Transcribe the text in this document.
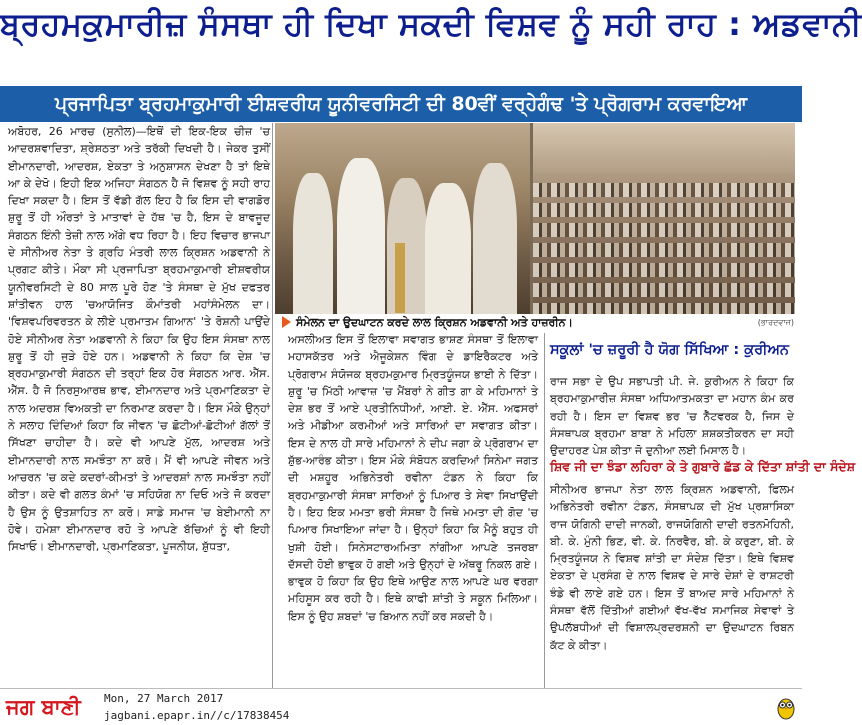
ਬ੍ਰਹਮਕੁਮਾਰੀਜ਼ ਸੰਸਥਾ ਹੀ ਦਿਖਾ ਸਕਦੀ ਵਿਸ਼ਵ ਨੂੰ ਸਹੀ ਰਾਹ : ਅਡਵਾਨੀ
ਪ੍ਰਜਾਪਿਤਾ ਬ੍ਰਹਮਾਕੁਮਾਰੀ ਈਸ਼ਵਰੀਯ ਯੂਨੀਵਰਸਿਟੀ ਦੀ 80ਵੀਂ ਵਰ੍ਹੇਗੰਢ 'ਤੇ ਪ੍ਰੋਗਰਾਮ ਕਰਵਾਇਆ
ਅਬੋਹਰ, 26 ਮਾਰਚ (ਸੁਨੀਲ)—ਇਥੋਂ ਦੀ ਇਕ-ਇਕ ਚੀਜ਼ 'ਚ ਆਦਰਸ਼ਵਾਦਿਤਾ, ਸ਼੍ਰੇਸ਼ਠਤਾ ਅਤੇ ਤਰੱਕੀ ਦਿਖਦੀ ਹੈ। ਜੇਕਰ ਤੁਸੀਂ ਈਮਾਨਦਾਰੀ, ਆਦਰਸ਼, ਏਕਤਾ ਤੇ ਅਨੁਸ਼ਾਸਨ ਦੇਖਣਾ ਹੈ ਤਾਂ ਇਥੇ ਆ ਕੇ ਦੇਖੋ। ਇਹੀ ਇਕ ਅਜਿਹਾ ਸੰਗਠਨ ਹੈ ਜੋ ਵਿਸ਼ਵ ਨੂੰ ਸਹੀ ਰਾਹ ਦਿਖਾ ਸਕਦਾ ਹੈ। ਇਸ ਤੋਂ ਵੱਡੀ ਗੱਲ ਇਹ ਹੈ ਕਿ ਇਸ ਦੀ ਵਾਗਡੋਰ ਸ਼ੁਰੂ ਤੋਂ ਹੀ ਔਰਤਾਂ ਤੇ ਮਾਤਾਵਾਂ ਦੇ ਹੱਥ 'ਚ ਹੈ, ਇਸ ਦੇ ਬਾਵਜੂਦ ਸੰਗਠਨ ਇੰਨੀ ਤੇਜ਼ੀ ਨਾਲ ਅੱਗੇ ਵਧ ਰਿਹਾ ਹੈ। ਇਹ ਵਿਚਾਰ ਭਾਜਪਾ ਦੇ ਸੀਨੀਅਰ ਨੇਤਾ ਤੇ ਗ੍ਰਹਿ ਮੰਤਰੀ ਲਾਲ ਕ੍ਰਿਸ਼ਨ ਅਡਵਾਨੀ ਨੇ ਪ੍ਰਗਟ ਕੀਤੇ। ਮੌਕਾ ਸੀ ਪ੍ਰਜਾਪਿਤਾ ਬ੍ਰਹਮਾਕੁਮਾਰੀ ਈਸ਼ਵਰੀਯ ਯੂਨੀਵਰਸਿਟੀ ਦੇ 80 ਸਾਲ ਪੂਰੇ ਹੋਣ 'ਤੇ ਸੰਸਥਾ ਦੇ ਮੁੱਖ ਦਫਤਰ ਸ਼ਾਂਤੀਵਨ ਹਾਲ 'ਚਆਯੋਜਿਤ ਕੌਮਾਂਤਰੀ ਮਹਾਂਸੰਮੇਲਨ ਦਾ। 'ਵਿਸ਼ਵਪਰਿਵਰਤਨ ਕੇ ਲੀਏ ਪ੍ਰਮਾਤਮ ਗਿਆਨ' 'ਤੇ ਰੋਸ਼ਨੀ ਪਾਉਂਦੇ ਹੋਏ ਸੀਨੀਅਰ ਨੇਤਾ ਅਡਵਾਨੀ ਨੇ ਕਿਹਾ ਕਿ ਉਹ ਇਸ ਸੰਸਥਾ ਨਾਲ ਸ਼ੁਰੂ ਤੋਂ ਹੀ ਜੁੜੇ ਹੋਏ ਹਨ। ਅਡਵਾਨੀ ਨੇ ਕਿਹਾ ਕਿ ਦੇਸ਼ 'ਚ ਬ੍ਰਹਮਾਕੁਮਾਰੀ ਸੰਗਠਨ ਦੀ ਤਰ੍ਹਾਂ ਇਕ ਹੋਰ ਸੰਗਠਨ ਆਰ. ਐੱਸ. ਐੱਸ. ਹੈ ਜੋ ਨਿਰਸੁਆਰਥ ਭਾਵ, ਈਮਾਨਦਾਰ ਅਤੇ ਪ੍ਰਮਾਣਿਕਤਾ ਦੇ ਨਾਲ ਅਦਰਸ਼ ਵਿਅਕਤੀ ਦਾ ਨਿਰਮਾਣ ਕਰਦਾ ਹੈ। ਇਸ ਮੌਕੇ ਉਨ੍ਹਾਂ ਨੇ ਸਲਾਹ ਦਿੰਦਿਆਂ ਕਿਹਾ ਕਿ ਜੀਵਨ 'ਚ ਛੋਟੀਆਂ-ਛੋਟੀਆਂ ਗੱਲਾਂ ਤੋਂ ਸਿੱਖਣਾ ਚਾਹੀਦਾ ਹੈ। ਕਦੇ ਵੀ ਆਪਣੇ ਮੁੱਲ, ਆਦਰਸ਼ ਅਤੇ ਈਮਾਨਦਾਰੀ ਨਾਲ ਸਮਝੌਤਾ ਨਾ ਕਰੋ। ਮੈਂ ਵੀ ਆਪਣੇ ਜੀਵਨ ਅਤੇ ਆਚਰਨ 'ਚ ਕਦੇ ਕਦਰਾਂ-ਕੀਮਤਾਂ ਤੇ ਆਦਰਸ਼ਾਂ ਨਾਲ ਸਮਝੌਤਾ ਨਹੀਂ ਕੀਤਾ। ਕਦੇ ਵੀ ਗਲਤ ਕੰਮਾਂ 'ਚ ਸਹਿਯੋਗ ਨਾ ਦਿਓ ਅਤੇ ਜੋ ਕਰਦਾ ਹੈ ਉਸ ਨੂੰ ਉਤਸ਼ਾਹਿਤ ਨਾ ਕਰੋ। ਸਾਡੇ ਸਮਾਜ 'ਚ ਬੇਈਮਾਨੀ ਨਾ ਹੋਵੇ। ਹਮੇਸ਼ਾ ਈਮਾਨਦਾਰ ਰਹੋ ਤੇ ਆਪਣੇ ਬੱਚਿਆਂ ਨੂੰ ਵੀ ਇਹੀ ਸਿਖਾਓ। ਈਮਾਨਦਾਰੀ, ਪ੍ਰਮਾਣਿਕਤਾ, ਪੂਜਨੀਯ, ਸ਼ੁੱਧਤਾ,
ਸੰਮੇਲਨ ਦਾ ਉਦਘਾਟਨ ਕਰਦੇ ਲਾਲ ਕ੍ਰਿਸ਼ਨ ਅਡਵਾਨੀ ਅਤੇ ਹਾਜ਼ਰੀਨ।	(ਭਾਰਦਵਾਜ)
ਅਸਲੀਅਤ ਇਸ ਤੋਂ ਇਲਾਵਾ ਸਵਾਗਤ ਭਾਸ਼ਣ ਸੰਸਥਾ ਤੋਂ ਇਲਾਵਾ ਮਹਾਸਕੱਤਰ ਅਤੇ ਐਜੂਕੇਸ਼ਨ ਵਿੰਗ ਦੇ ਡਾਇਰੈਕਟਰ ਅਤੇ ਪ੍ਰੋਗਰਾਮ ਸੰਯੋਜਕ ਬ੍ਰਹਮਕੁਮਾਰ ਮ੍ਰਿਤਯੂੰਜਯ ਭਾਈ ਨੇ ਦਿੱਤਾ। ਸ਼ੁਰੂ 'ਚ ਮਿੱਠੀ ਆਵਾਜ਼ 'ਚ ਮੈਂਬਰਾਂ ਨੇ ਗੀਤ ਗਾ ਕੇ ਮਹਿਮਾਨਾਂ ਤੇ ਦੇਸ਼ ਭਰ ਤੋਂ ਆਏ ਪ੍ਰਤੀਨਿਧੀਆਂ, ਆਈ. ਏ. ਐੱਸ. ਅਫਸਰਾਂ ਅਤੇ ਮੀਡੀਆ ਕਰਮੀਆਂ ਅਤੇ ਸਾਰਿਆਂ ਦਾ ਸਵਾਗਤ ਕੀਤਾ। ਇਸ ਦੇ ਨਾਲ ਹੀ ਸਾਰੇ ਮਹਿਮਾਨਾਂ ਨੇ ਦੀਪ ਜਗਾ ਕੇ ਪ੍ਰੋਗਰਾਮ ਦਾ ਸ਼ੁੱਭ-ਆਰੰਭ ਕੀਤਾ। ਇਸ ਮੌਕੇ ਸੰਬੋਧਨ ਕਰਦਿਆਂ ਸਿਨੇਮਾ ਜਗਤ ਦੀ ਮਸ਼ਹੂਰ ਅਭਿਨੇਤਰੀ ਰਵੀਨਾ ਟੰਡਨ ਨੇ ਕਿਹਾ ਕਿ ਬ੍ਰਹਮਾਕੁਮਾਰੀ ਸੰਸਥਾ ਸਾਰਿਆਂ ਨੂੰ ਪਿਆਰ ਤੇ ਸੇਵਾ ਸਿਖਾਉਂਦੀ ਹੈ। ਇਹ ਇਕ ਮਮਤਾ ਭਰੀ ਸੰਸਥਾ ਹੈ ਜਿਥੇ ਮਮਤਾ ਦੀ ਗੋਦ 'ਚ ਪਿਆਰ ਸਿਖਾਇਆ ਜਾਂਦਾ ਹੈ। ਉਨ੍ਹਾਂ ਕਿਹਾ ਕਿ ਮੈਨੂੰ ਬਹੁਤ ਹੀ ਖੁਸ਼ੀ ਹੋਈ। ਸਿਨੇਸਟਾਰਅਮਿਤਾ ਨਾਂਗੀਆ ਆਪਣੇ ਤਜਰਬਾ ਦੱਸਦੀ ਹੋਈ ਭਾਵੁਕ ਹੋ ਗਈ ਅਤੇ ਉਨ੍ਹਾਂ ਦੇ ਅੱਥਰੂ ਨਿਕਲ ਗਏ। ਭਾਵੁਕ ਹੋ ਕਿਹਾ ਕਿ ਉਹ ਇਥੇ ਆਉਣ ਨਾਲ ਆਪਣੇ ਘਰ ਵਰਗਾ ਮਹਿਸੂਸ ਕਰ ਰਹੀ ਹੈ। ਇਥੇ ਕਾਫੀ ਸ਼ਾਂਤੀ ਤੇ ਸਕੂਨ ਮਿਲਿਆ। ਇਸ ਨੂੰ ਉਹ ਸ਼ਬਦਾਂ 'ਚ ਬਿਆਨ ਨਹੀਂ ਕਰ ਸਕਦੀ ਹੈ।
ਸਕੂਲਾਂ 'ਚ ਜ਼ਰੂਰੀ ਹੈ ਯੋਗ ਸਿੱਖਿਆ : ਕੁਰੀਅਨ
ਰਾਜ ਸਭਾ ਦੇ ਉਪ ਸਭਾਪਤੀ ਪੀ. ਜੇ. ਕੁਰੀਅਨ ਨੇ ਕਿਹਾ ਕਿ ਬ੍ਰਹਮਾਕੁਮਾਰੀਜ਼ ਸੰਸਥਾ ਅਧਿਆਤਮਕਤਾ ਦਾ ਮਹਾਨ ਕੰਮ ਕਰ ਰਹੀ ਹੈ। ਇਸ ਦਾ ਵਿਸ਼ਵ ਭਰ 'ਚ ਨੈੱਟਵਰਕ ਹੈ, ਜਿਸ ਦੇ ਸੰਸਥਾਪਕ ਬ੍ਰਹਮਾ ਬਾਬਾ ਨੇ ਮਹਿਲਾ ਸ਼ਸ਼ਕਤੀਕਰਨ ਦਾ ਸਹੀ ਉਦਾਹਰਣ ਪੇਸ਼ ਕੀਤਾ ਜੋ ਦੁਨੀਆ ਲਈ ਮਿਸਾਲ ਹੈ।
ਸ਼ਿਵ ਜੀ ਦਾ ਝੰਡਾ ਲਹਿਰਾ ਕੇ ਤੇ ਗੁਬਾਰੇ ਛੱਡ ਕੇ ਦਿੱਤਾ ਸ਼ਾਂਤੀ ਦਾ ਸੰਦੇਸ਼
ਸੀਨੀਅਰ ਭਾਜਪਾ ਨੇਤਾ ਲਾਲ ਕ੍ਰਿਸ਼ਨ ਅਡਵਾਨੀ, ਫਿਲਮ ਅਭਿਨੇਤਰੀ ਰਵੀਨਾ ਟੰਡਨ, ਸੰਸਥਾਪਕ ਦੀ ਮੁੱਖ ਪ੍ਰਸ਼ਾਸਿਕਾ ਰਾਜ ਯੋਗਿਨੀ ਦਾਦੀ ਜਾਨਕੀ, ਰਾਜਯੋਗਿਨੀ ਦਾਦੀ ਰਤਨਮੋਹਿਨੀ, ਬੀ. ਕੇ. ਮੁੰਨੀ ਭਿਣ, ਵੀ. ਕੇ. ਨਿਰਵੈਰ, ਬੀ. ਕੇ ਕਰੁਣਾ, ਬੀ. ਕੇ ਮ੍ਰਿਤਯੂੰਜਯ ਨੇ ਵਿਸ਼ਵ ਸ਼ਾਂਤੀ ਦਾ ਸੰਦੇਸ਼ ਦਿੱਤਾ। ਇਥੇ ਵਿਸ਼ਵ ਏਕਤਾ ਦੇ ਪ੍ਰਸੰਗ ਦੇ ਨਾਲ ਵਿਸ਼ਵ ਦੇ ਸਾਰੇ ਦੇਸ਼ਾਂ ਦੇ ਰਾਸ਼ਟਰੀ ਝੰਡੇ ਵੀ ਲਾਏ ਗਏ ਹਨ। ਇਸ ਤੋਂ ਬਾਅਦ ਸਾਰੇ ਮਹਿਮਾਨਾਂ ਨੇ ਸੰਸਥਾ ਵੱਲੋਂ ਦਿੱਤੀਆਂ ਗਈਆਂ ਵੱਖ-ਵੱਖ ਸਮਾਜਿਕ ਸੇਵਾਵਾਂ ਤੇ ਉਪਲੱਬਧੀਆਂ ਦੀ ਵਿਸ਼ਾਲਪ੍ਰਦਰਸ਼ਨੀ ਦਾ ਉਦਘਾਟਨ ਰਿਬਨ ਕੱਟ ਕੇ ਕੀਤਾ।
ਜਗ ਬਾਣੀ	Mon, 27 March 2017
jagbani.epapr.in//c/17838454
